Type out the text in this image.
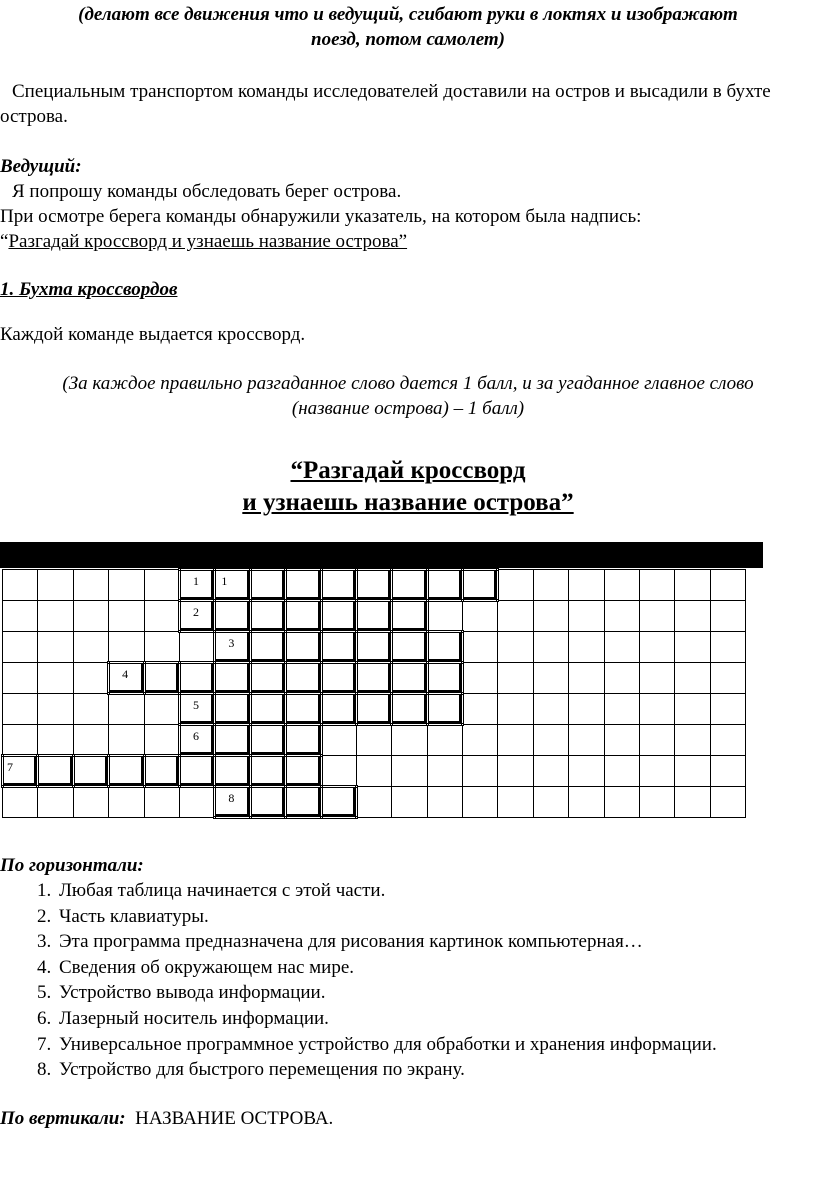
(делают все движения что и ведущий, сгибают руки в локтях и изображают
поезд, потом самолет)
Специальным транспортом команды исследователей доставили на остров и высадили в бухте острова.
Ведущий:
Я попрошу команды обследовать берег острова.
При осмотре берега команды обнаружили указатель, на котором была надпись:
“Разгадай кроссворд и узнаешь название острова”
1. Бухта кроссвордов
Каждой команде выдается кроссворд.
(За каждое правильно разгаданное слово дается 1 балл, и за угаданное главное слово
(название острова) – 1 балл)
“Разгадай кроссворд
и узнаешь название острова”

					1	1														

					2															

						3														

			4																	

					5															

					6															

7																				

						8														

По горизонтали:
1. Любая таблица начинается с этой части.
2. Часть клавиатуры.
3. Эта программа предназначена для рисования картинок компьютерная…
4. Сведения об окружающем нас мире.
5. Устройство вывода информации.
6. Лазерный носитель информации.
7. Универсальное программное устройство для обработки и хранения информации.
8. Устройство для быстрого перемещения по экрану.
По вертикали: НАЗВАНИЕ ОСТРОВА.
